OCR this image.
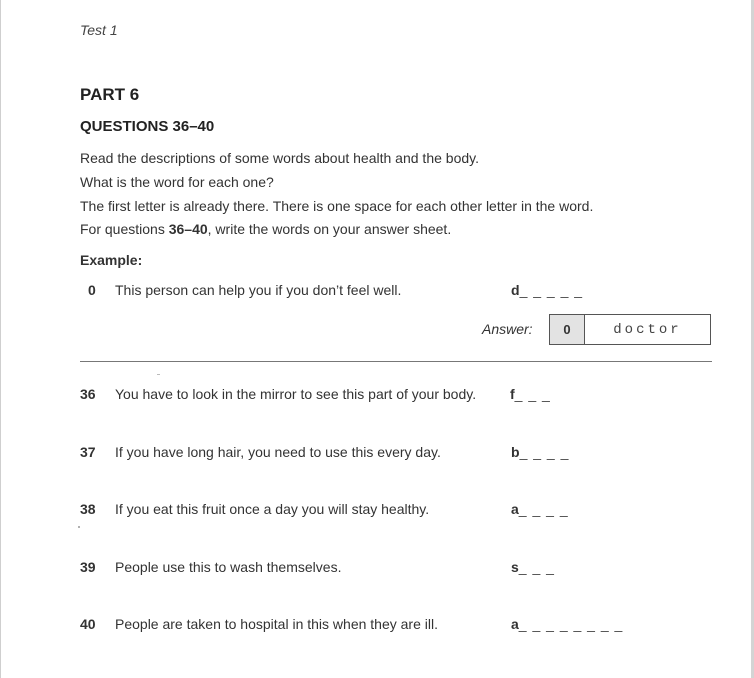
Test 1
PART 6
QUESTIONS 36–40
Read the descriptions of some words about health and the body.
What is the word for each one?
The first letter is already there. There is one space for each other letter in the word.
For questions 36–40, write the words on your answer sheet.
Example:
0 This person can help you if you don’t feel well.	d_ _ _ _ _
Answer:	0	doctor
36 You have to look in the mirror to see this part of your body. f_ _ _
37 If you have long hair, you need to use this every day.	b_ _ _ _
38 If you eat this fruit once a day you will stay healthy.	a_ _ _ _
39 People use this to wash themselves.	s_ _ _
40 People are taken to hospital in this when they are ill.	a_ _ _ _ _ _ _ _
